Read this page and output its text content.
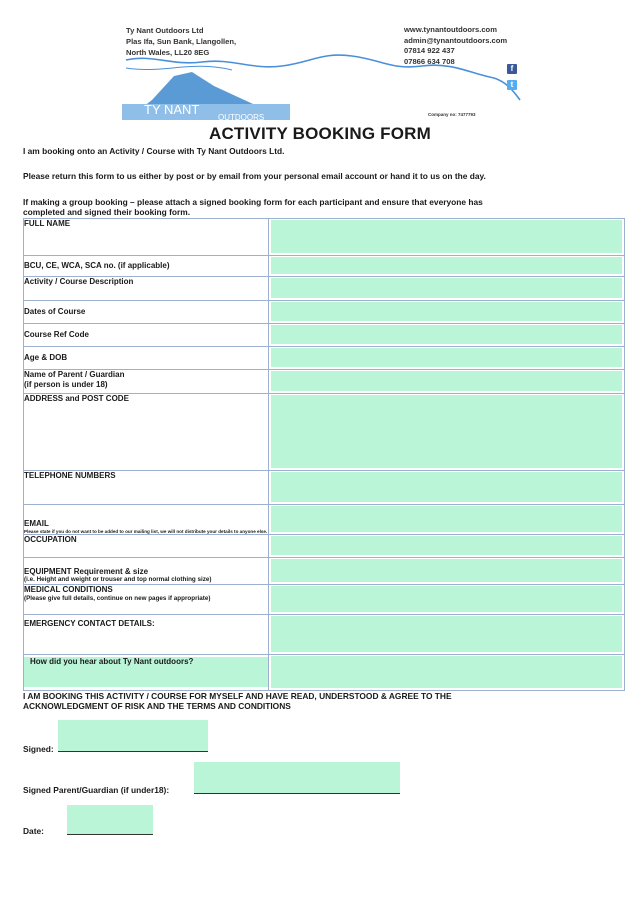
Ty Nant Outdoors Ltd
Plas Ifa, Sun Bank, Llangollen,
North Wales, LL20 8EG
www.tynantoutdoors.com
admin@tynantoutdoors.com
07814 922 437
07866 634 708
TY NANT
OUTDOORS
f
t
Company no: 7477793
ACTIVITY BOOKING FORM
I am booking onto an Activity / Course with Ty Nant Outdoors Ltd.
Please return this form to us either by post or by email from your personal email account or hand it to us on the day.
If making a group booking – please attach a signed booking form for each participant and ensure that everyone has
completed and signed their booking form.
FULL NAME	

BCU, CE, WCA, SCA no. (if applicable)	

Activity / Course Description	

Dates of Course	

Course Ref Code	

Age & DOB	

Name of Parent / Guardian
(if person is under 18)	

ADDRESS and POST CODE	

TELEPHONE NUMBERS	

EMAIL
Please state if you do not want to be added to our mailing list, we will not distribute your details to anyone else.	

OCCUPATION	

EQUIPMENT Requirement & size
(i.e. Height and weight or trouser and top normal clothing size)	

MEDICAL CONDITIONS
(Please give full details, continue on new pages if appropriate)	

EMERGENCY CONTACT DETAILS:	

How did you hear about Ty Nant outdoors?	

I AM BOOKING THIS ACTIVITY / COURSE FOR MYSELF AND HAVE READ, UNDERSTOOD & AGREE TO THE
ACKNOWLEDGMENT OF RISK AND THE TERMS AND CONDITIONS
Signed:
Signed Parent/Guardian (if under18):
Date:
